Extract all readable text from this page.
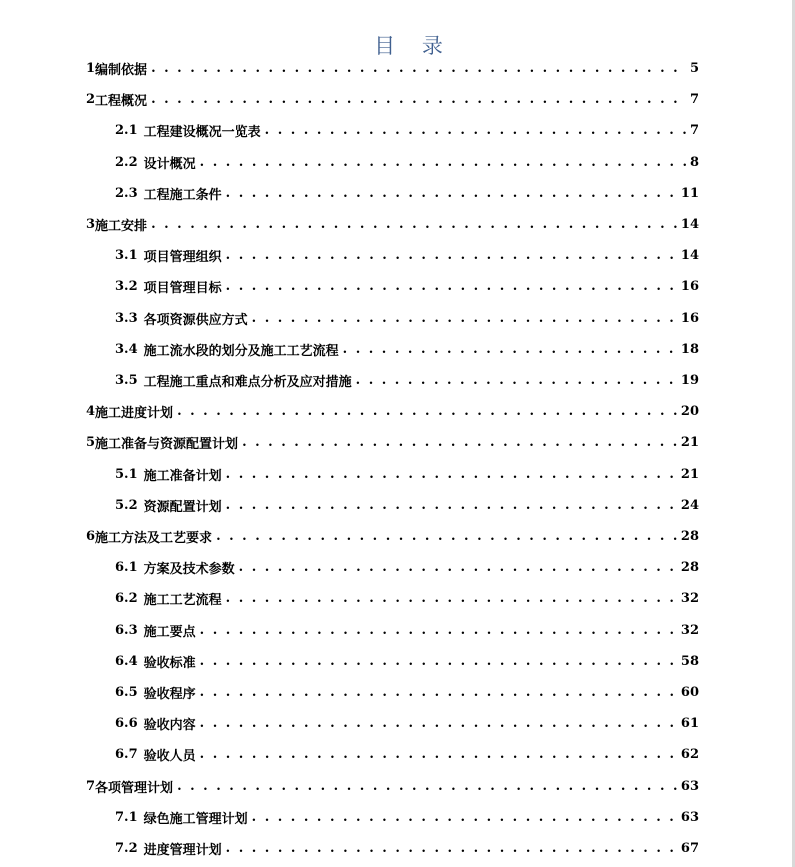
目 录
1 编制依据 . . .	5
2 工程概况 . . .	7
2.1 工程建设概况一览表 . . .	7
2.2 设计概况 . . .	8
2.3 工程施工条件 . . .	11
3 施工安排 . . .	14
3.1 项目管理组织 . . .	14
3.2 项目管理目标 . . .	16
3.3 各项资源供应方式 . . .	16
3.4 施工流水段的划分及施工工艺流程 . . .	18
3.5 工程施工重点和难点分析及应对措施 . . .	19
4 施工进度计划 . . .	20
5 施工准备与资源配置计划 . . .	21
5.1 施工准备计划 . . .	21
5.2 资源配置计划 . . .	24
6 施工方法及工艺要求 . . .	28
6.1 方案及技术参数 . . .	28
6.2 施工工艺流程 . . .	32
6.3 施工要点 . . .	32
6.4 验收标准 . . .	58
6.5 验收程序 . . .	60
6.6 验收内容 . . .	61
6.7 验收人员 . . .	62
7 各项管理计划 . . .	63
7.1 绿色施工管理计划 . . .	63
7.2 进度管理计划 . . .	67
